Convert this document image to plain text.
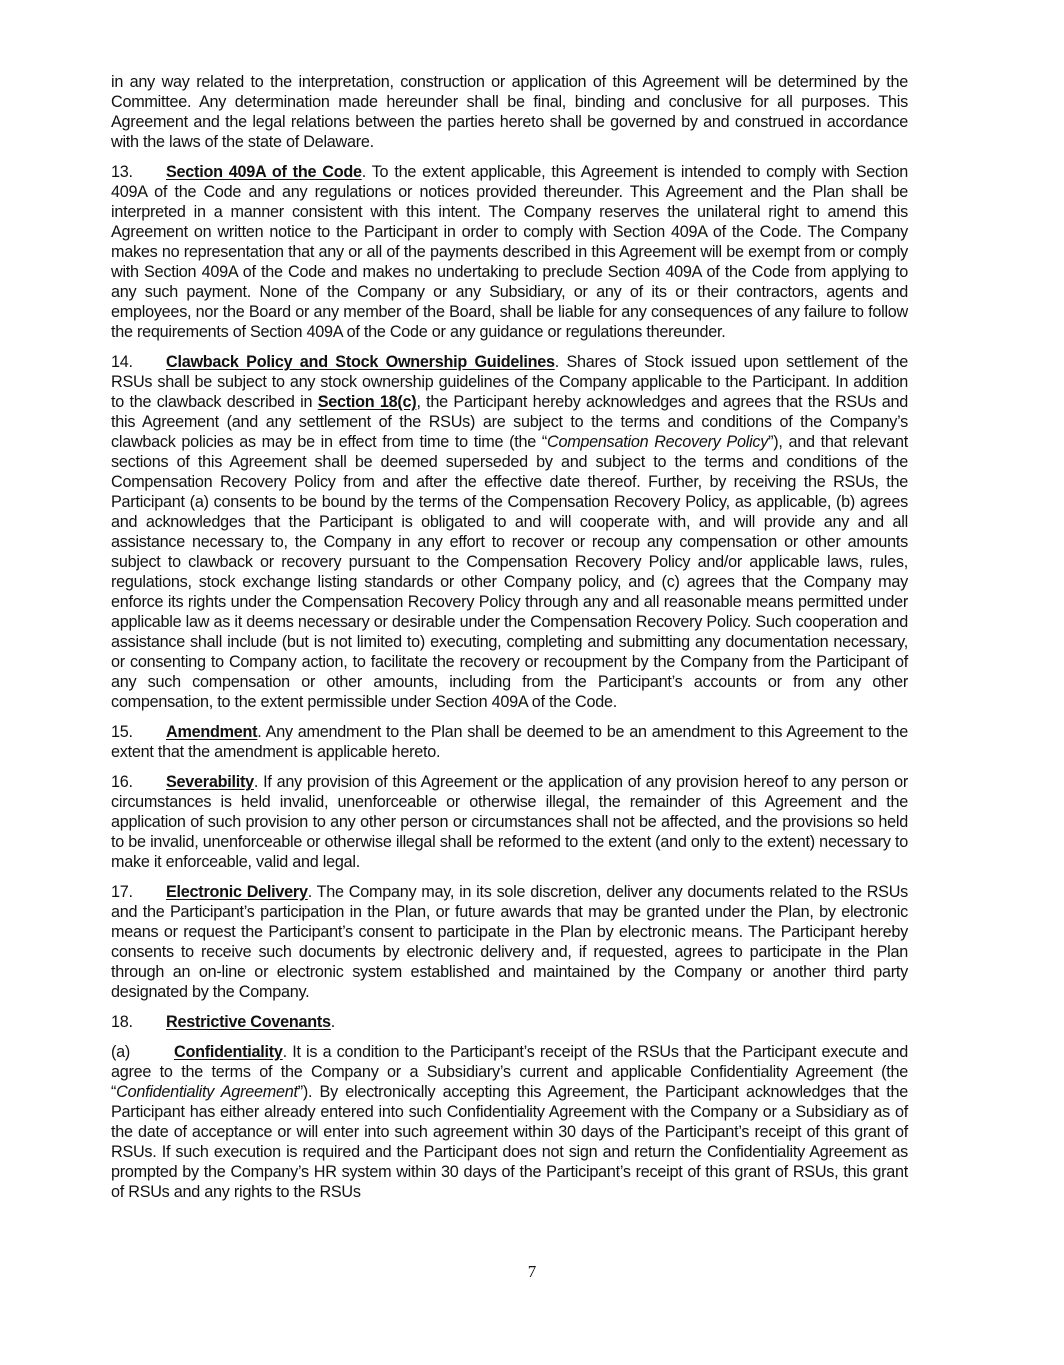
in any way related to the interpretation, construction or application of this Agreement will be determined by the Committee. Any determination made hereunder shall be final, binding and conclusive for all purposes. This Agreement and the legal relations between the parties hereto shall be governed by and construed in accordance with the laws of the state of Delaware.

13. Section 409A of the Code. To the extent applicable, this Agreement is intended to comply with Section 409A of the Code and any regulations or notices provided thereunder. This Agreement and the Plan shall be interpreted in a manner consistent with this intent. The Company reserves the unilateral right to amend this Agreement on written notice to the Participant in order to comply with Section 409A of the Code. The Company makes no representation that any or all of the payments described in this Agreement will be exempt from or comply with Section 409A of the Code and makes no undertaking to preclude Section 409A of the Code from applying to any such payment. None of the Company or any Subsidiary, or any of its or their contractors, agents and employees, nor the Board or any member of the Board, shall be liable for any consequences of any failure to follow the requirements of Section 409A of the Code or any guidance or regulations thereunder.

14. Clawback Policy and Stock Ownership Guidelines. Shares of Stock issued upon settlement of the RSUs shall be subject to any stock ownership guidelines of the Company applicable to the Participant. In addition to the clawback described in Section 18(c), the Participant hereby acknowledges and agrees that the RSUs and this Agreement (and any settlement of the RSUs) are subject to the terms and conditions of the Company’s clawback policies as may be in effect from time to time (the “Compensation Recovery Policy”), and that relevant sections of this Agreement shall be deemed superseded by and subject to the terms and conditions of the Compensation Recovery Policy from and after the effective date thereof. Further, by receiving the RSUs, the Participant (a) consents to be bound by the terms of the Compensation Recovery Policy, as applicable, (b) agrees and acknowledges that the Participant is obligated to and will cooperate with, and will provide any and all assistance necessary to, the Company in any effort to recover or recoup any compensation or other amounts subject to clawback or recovery pursuant to the Compensation Recovery Policy and/or applicable laws, rules, regulations, stock exchange listing standards or other Company policy, and (c) agrees that the Company may enforce its rights under the Compensation Recovery Policy through any and all reasonable means permitted under applicable law as it deems necessary or desirable under the Compensation Recovery Policy. Such cooperation and assistance shall include (but is not limited to) executing, completing and submitting any documentation necessary, or consenting to Company action, to facilitate the recovery or recoupment by the Company from the Participant of any such compensation or other amounts, including from the Participant’s accounts or from any other compensation, to the extent permissible under Section 409A of the Code.

15. Amendment. Any amendment to the Plan shall be deemed to be an amendment to this Agreement to the extent that the amendment is applicable hereto.

16. Severability. If any provision of this Agreement or the application of any provision hereof to any person or circumstances is held invalid, unenforceable or otherwise illegal, the remainder of this Agreement and the application of such provision to any other person or circumstances shall not be affected, and the provisions so held to be invalid, unenforceable or otherwise illegal shall be reformed to the extent (and only to the extent) necessary to make it enforceable, valid and legal.

17. Electronic Delivery. The Company may, in its sole discretion, deliver any documents related to the RSUs and the Participant’s participation in the Plan, or future awards that may be granted under the Plan, by electronic means or request the Participant’s consent to participate in the Plan by electronic means. The Participant hereby consents to receive such documents by electronic delivery and, if requested, agrees to participate in the Plan through an on-line or electronic system established and maintained by the Company or another third party designated by the Company.

18. Restrictive Covenants.

(a)	Confidentiality. It is a condition to the Participant’s receipt of the RSUs that the Participant execute and agree to the terms of the Company or a Subsidiary’s current and applicable Confidentiality Agreement (the “Confidentiality Agreement”). By electronically accepting this Agreement, the Participant acknowledges that the Participant has either already entered into such Confidentiality Agreement with the Company or a Subsidiary as of the date of acceptance or will enter into such agreement within 30 days of the Participant’s receipt of this grant of RSUs. If such execution is required and the Participant does not sign and return the Confidentiality Agreement as prompted by the Company’s HR system within 30 days of the Participant’s receipt of this grant of RSUs, this grant of RSUs and any rights to the RSUs

7
